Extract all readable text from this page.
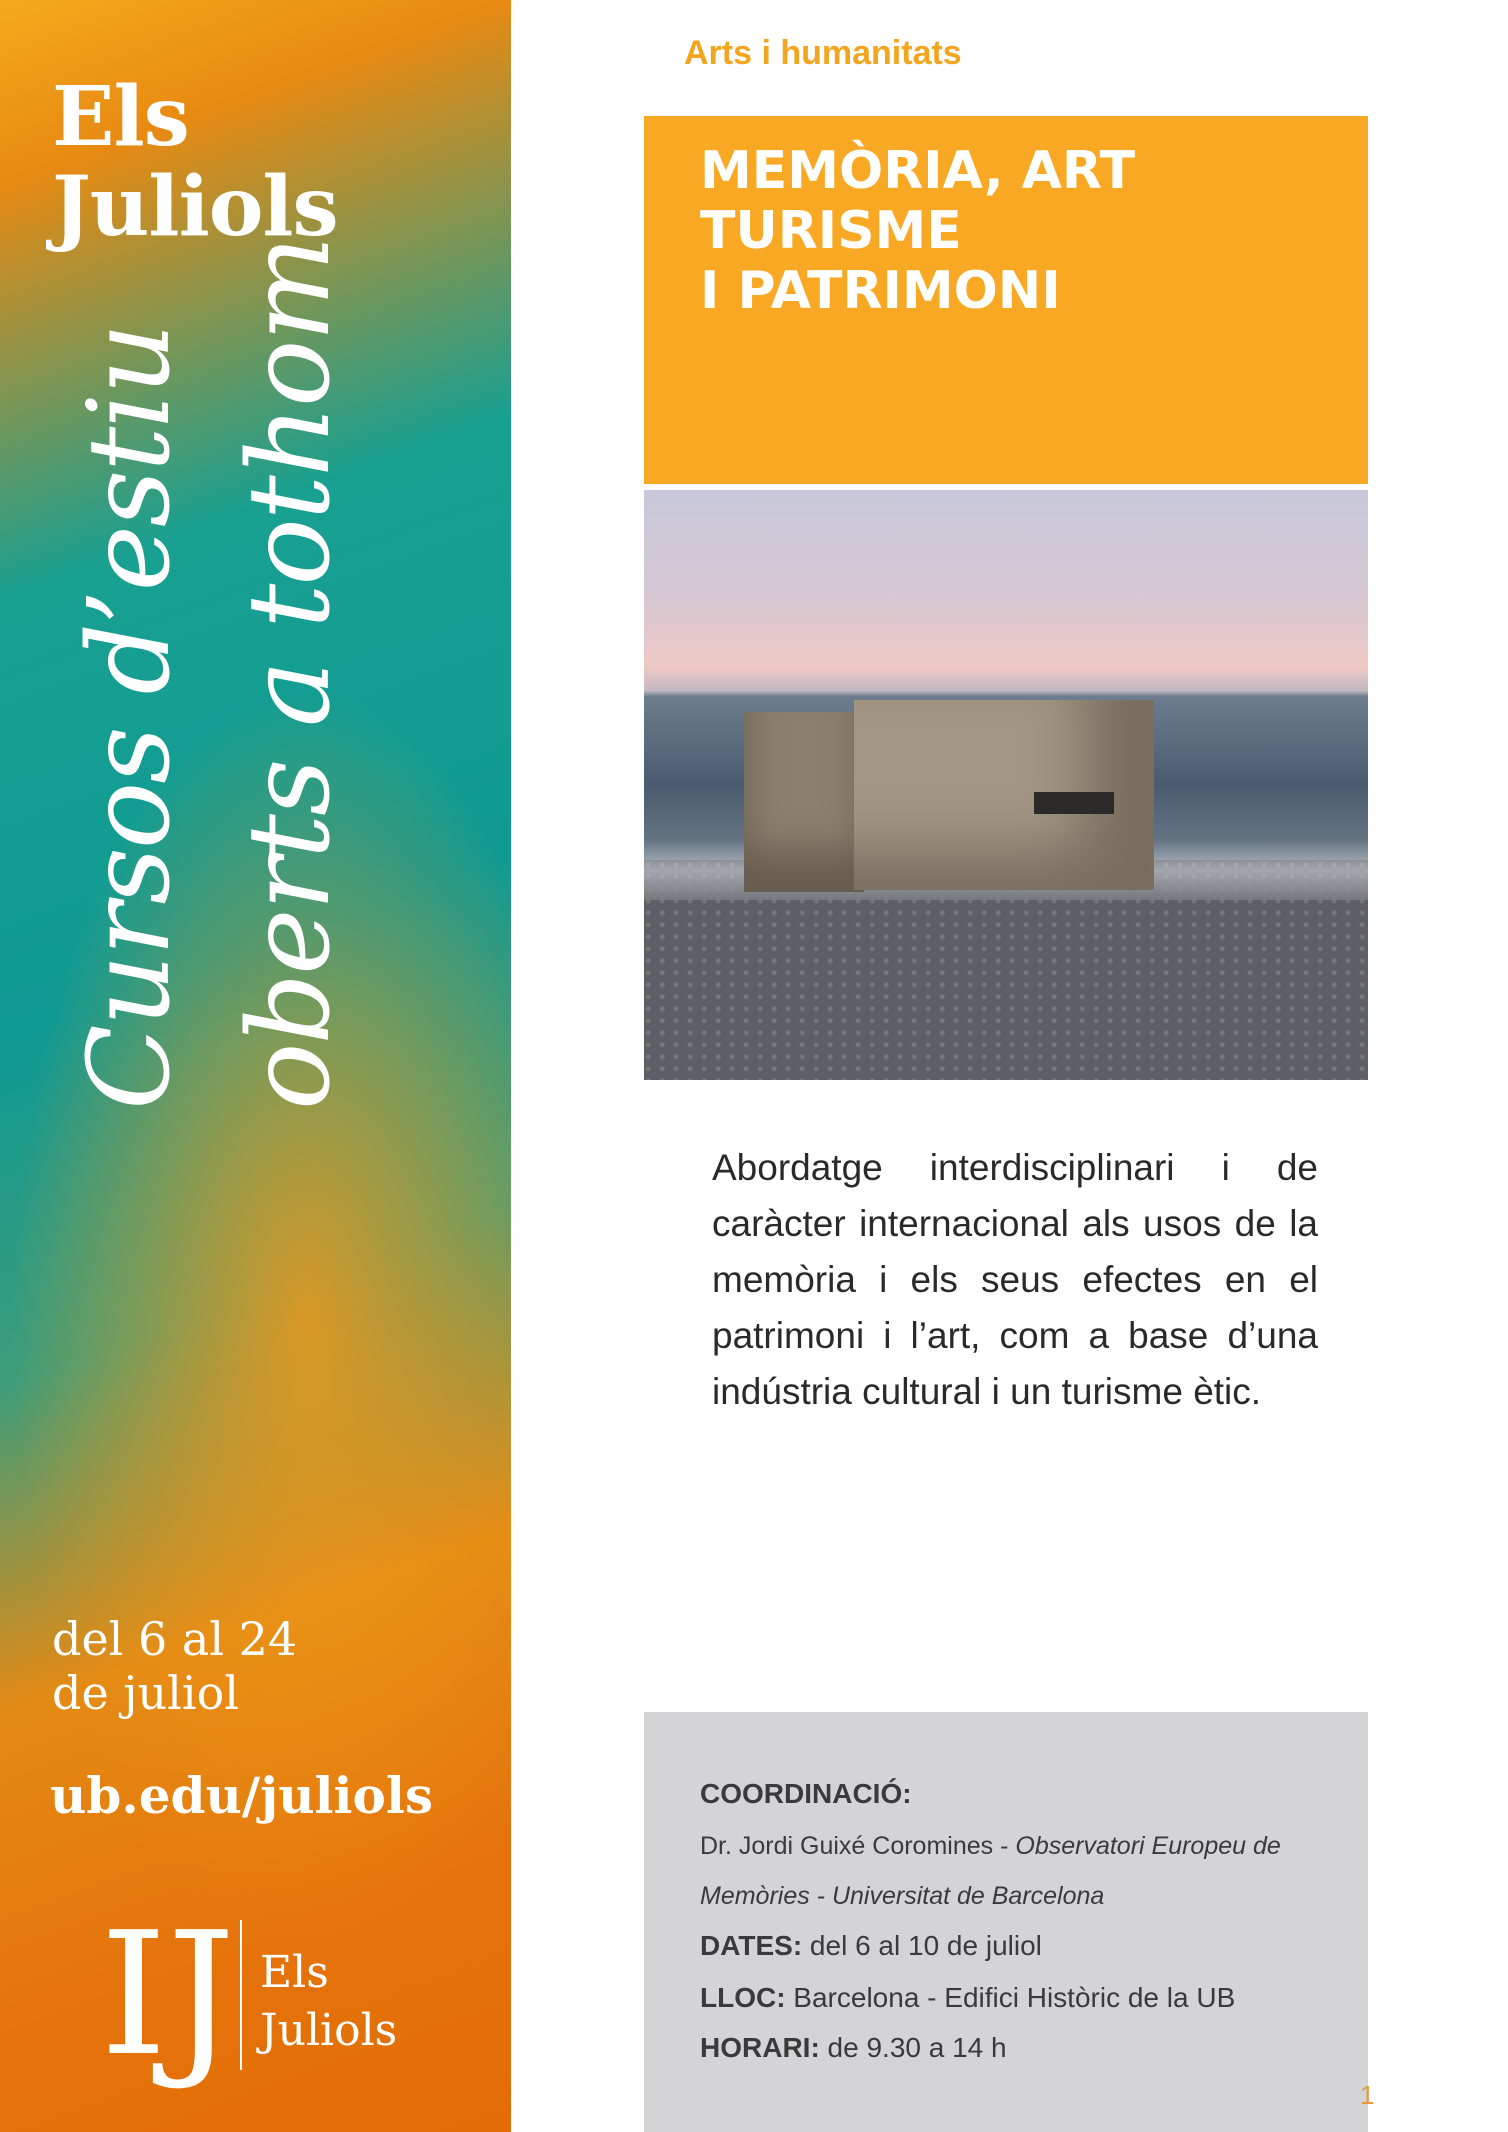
Els
Juliols
Cursos d’estiu oberts a tothom
del 6 al 24
de juliol
ub.edu/juliols
IJ Els
Juliols
Arts i humanitats

MEMÒRIA, ART

TURISME

I PATRIMONI

Abordatge interdisciplinari i de caràcter internacional als usos de la memòria i els seus efectes en el patrimoni i l’art, com a base d’una indústria cultural i un turisme ètic.

COORDINACIÓ:
Dr. Jordi Guixé Coromines - Observatori Europeu de
Memòries - Universitat de Barcelona
DATES: del 6 al 10 de juliol
LLOC: Barcelona - Edifici Històric de la UB
HORARI: de 9.30 a 14 h
1
